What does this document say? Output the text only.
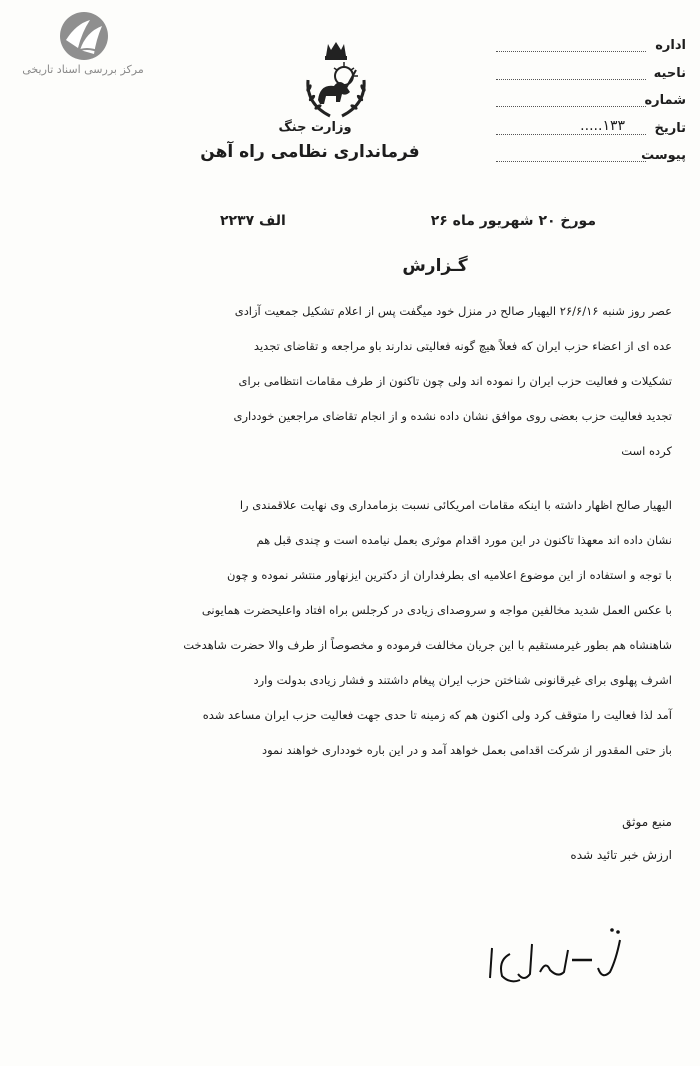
مرکز بررسی اسناد تاریخی
وزارت جنگ
فرمانداری نظامی راه آهن
اداره
ناحیه
شماره
تاریخ
۱۳۳.....
پیوست
مورخ ۲۰ شهریور ماه ۲۶
الف ۲۲۳۷
گـزارش

عصر روز شنبه ۲۶/۶/۱۶ الیهیار صالح در منزل خود میگفت پس از اعلام تشکیل جمعیت آزادی

عده ای از اعضاء حزب ایران که فعلاً هیچ گونه فعالیتی ندارند باو مراجعه و تقاضای تجدید

تشکیلات و فعالیت حزب ایران را نموده اند ولی چون تاکنون از طرف مقامات انتظامی برای

تجدید فعالیت حزب بعضی روی موافق نشان داده نشده و از انجام تقاضای مراجعین خودداری

کرده است

الیهیار صالح اظهار داشته با اینکه مقامات امریکائی نسبت بزمامداری وی نهایت علاقمندی را

نشان داده اند معهذا تاکنون در این مورد اقدام موثری بعمل نیامده است و چندی قبل هم

با توجه و استفاده از این موضوع اعلامیه ای بطرفداران از دکترین ایزنهاور منتشر نموده و چون

با عکس العمل شدید مخالفین مواجه و سروصدای زیادی در کرجلس براه افتاد واعلیحضرت همایونی

شاهنشاه هم بطور غیرمستقیم با این جریان مخالفت فرموده و مخصوصاً از طرف والا حضرت شاهدخت

اشرف پهلوی برای غیرقانونی شناختن حزب ایران پیغام داشتند و فشار زیادی بدولت وارد

آمد لذا فعالیت را متوقف کرد ولی اکنون هم که زمینه تا حدی جهت فعالیت حزب ایران مساعد شده

باز حتی المقدور از شرکت اقدامی بعمل خواهد آمد و در این باره خودداری خواهند نمود

منبع موثق
ارزش خبر تائید شده
